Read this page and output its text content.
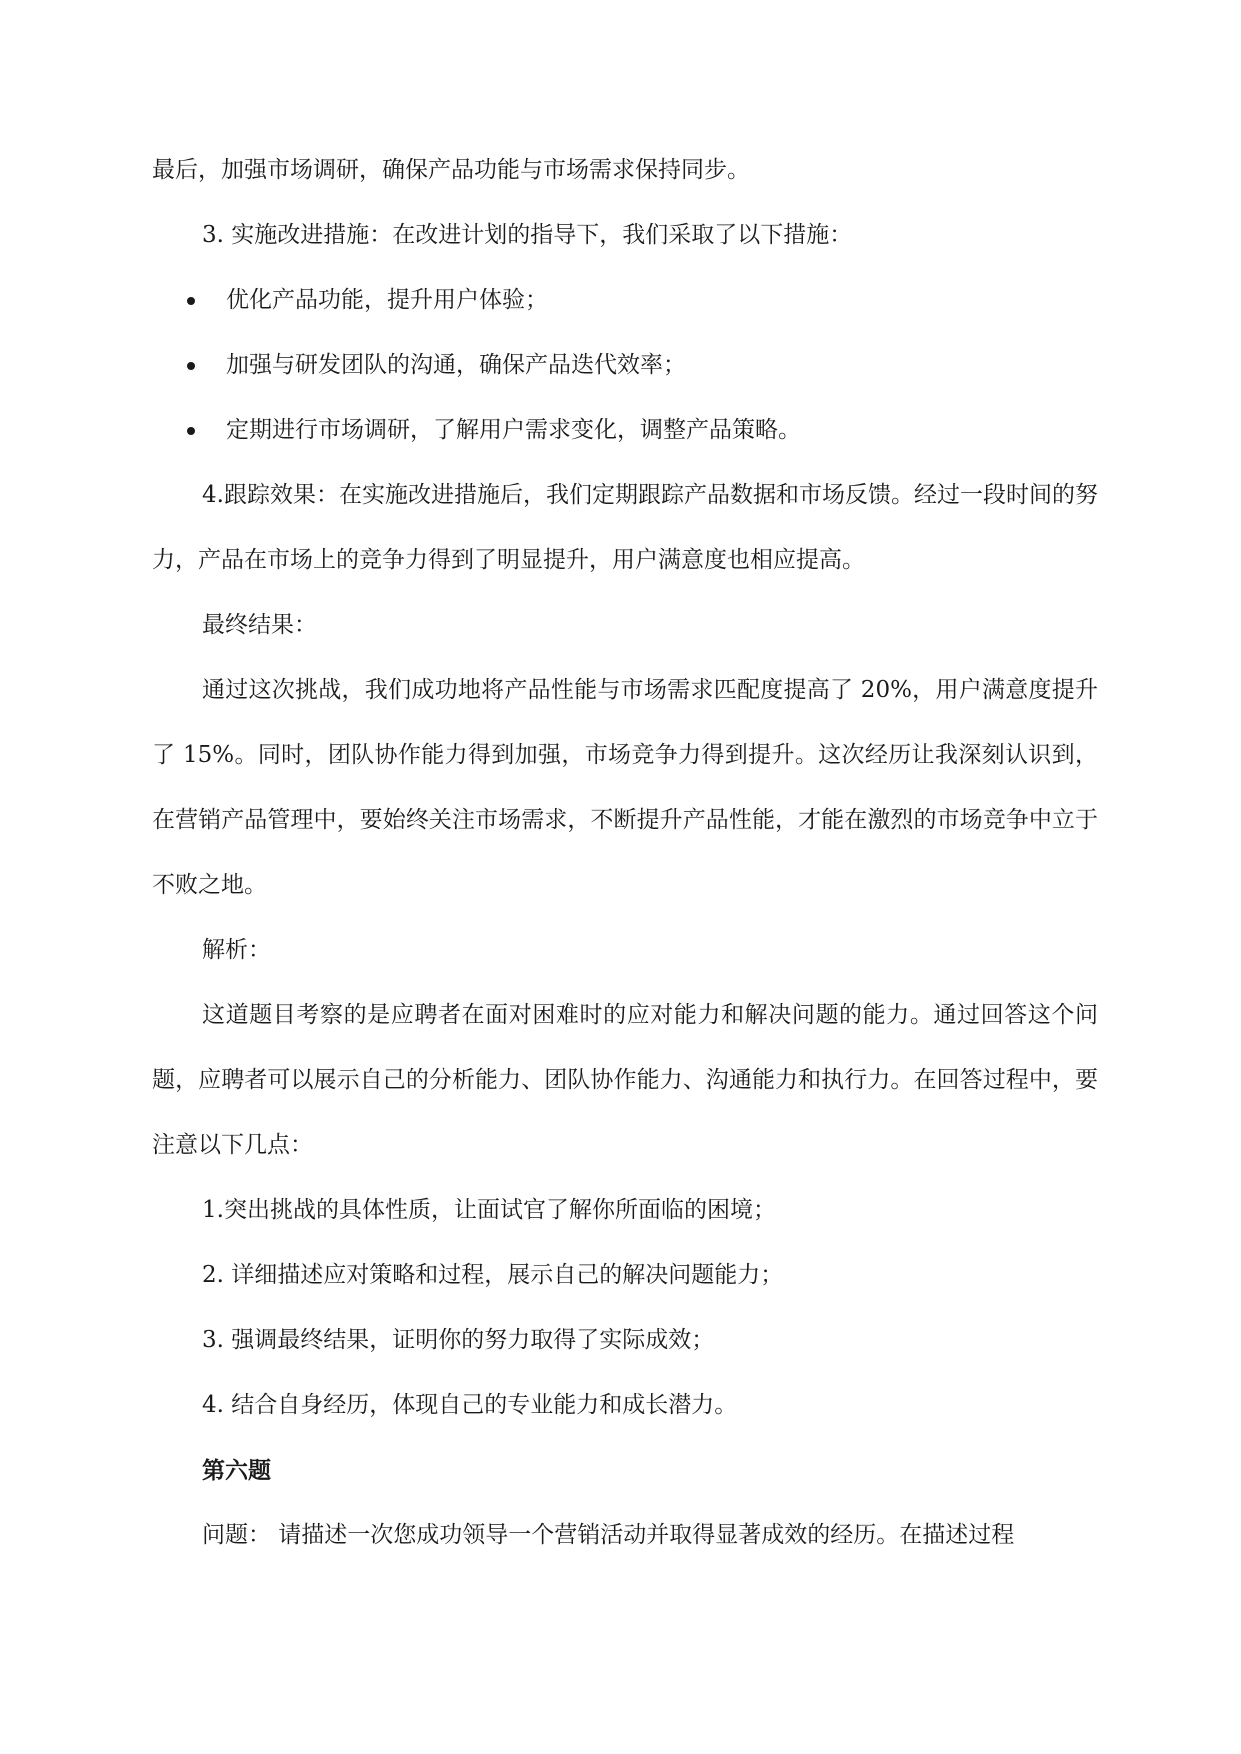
最后，加强市场调研，确保产品功能与市场需求保持同步。

3. 实施改进措施：在改进计划的指导下，我们采取了以下措施：

优化产品功能，提升用户体验；
加强与研发团队的沟通，确保产品迭代效率；
定期进行市场调研，了解用户需求变化，调整产品策略。

4.跟踪效果：在实施改进措施后，我们定期跟踪产品数据和市场反馈。经过一段时间的努力，产品在市场上的竞争力得到了明显提升，用户满意度也相应提高。

最终结果：

通过这次挑战，我们成功地将产品性能与市场需求匹配度提高了 20%，用户满意度提升了 15%。同时，团队协作能力得到加强，市场竞争力得到提升。这次经历让我深刻认识到，在营销产品管理中，要始终关注市场需求，不断提升产品性能，才能在激烈的市场竞争中立于不败之地。

解析：

这道题目考察的是应聘者在面对困难时的应对能力和解决问题的能力。通过回答这个问题，应聘者可以展示自己的分析能力、团队协作能力、沟通能力和执行力。在回答过程中，要注意以下几点：

1.突出挑战的具体性质，让面试官了解你所面临的困境；

2. 详细描述应对策略和过程，展示自己的解决问题能力；

3. 强调最终结果，证明你的努力取得了实际成效；

4. 结合自身经历，体现自己的专业能力和成长潜力。

第六题

问题： 请描述一次您成功领导一个营销活动并取得显著成效的经历。在描述过程
